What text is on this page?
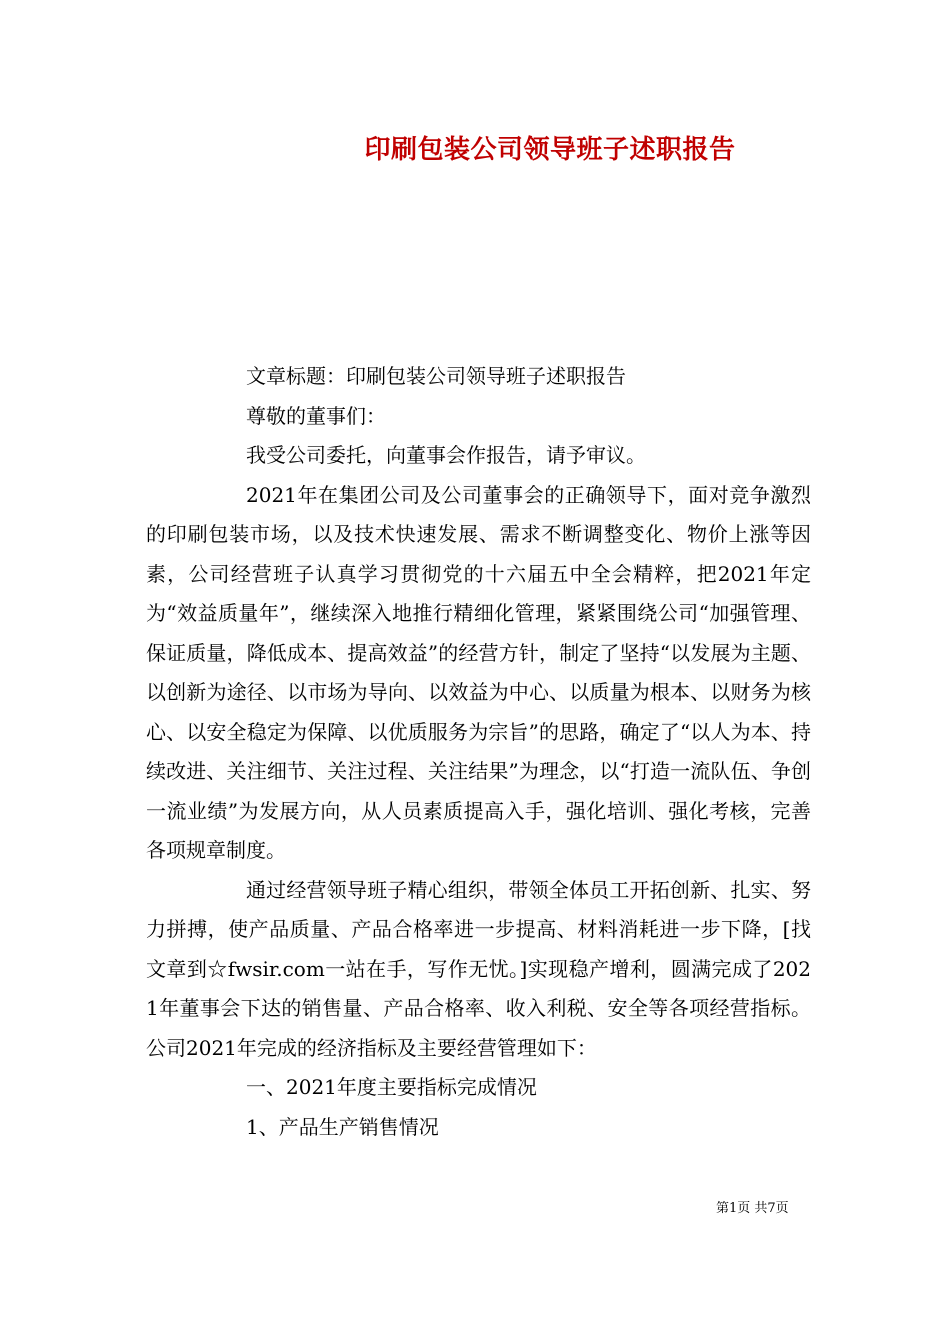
印刷包装公司领导班子述职报告

文章标题：印刷包装公司领导班子述职报告

尊敬的董事们：

我受公司委托，向董事会作报告，请予审议。

2021年在集团公司及公司董事会的正确领导下，面对竞争激烈的印刷包装市场，以及技术快速发展、需求不断调整变化、物价上涨等因素，公司经营班子认真学习贯彻党的十六届五中全会精粹，把2021年定为“效益质量年”，继续深入地推行精细化管理，紧紧围绕公司“加强管理、保证质量，降低成本、提高效益”的经营方针，制定了坚持“以发展为主题、以创新为途径、以市场为导向、以效益为中心、以质量为根本、以财务为核心、以安全稳定为保障、以优质服务为宗旨”的思路，确定了“以人为本、持续改进、关注细节、关注过程、关注结果”为理念，以“打造一流队伍、争创一流业绩”为发展方向，从人员素质提高入手，强化培训、强化考核，完善各项规章制度。

通过经营领导班子精心组织，带领全体员工开拓创新、扎实、努力拼搏，使产品质量、产品合格率进一步提高、材料消耗进一步下降，[找文章到☆fwsir.com一站在手，写作无忧。]实现稳产增利，圆满完成了2021年董事会下达的销售量、产品合格率、收入利税、安全等各项经营指标。公司2021年完成的经济指标及主要经营管理如下：

一、2021年度主要指标完成情况

1、产品生产销售情况

第1页 共7页
